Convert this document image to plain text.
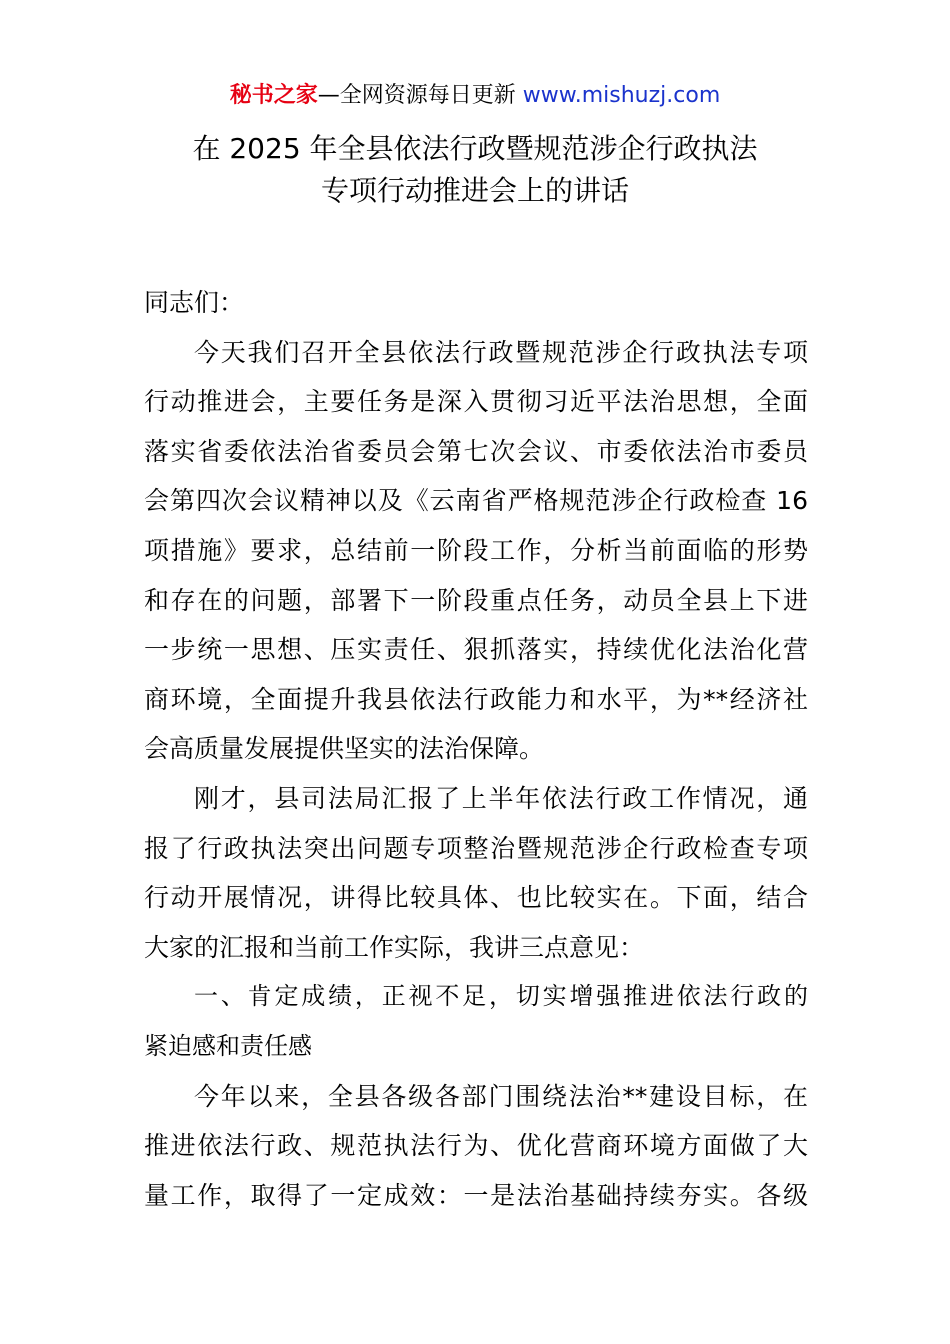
秘书之家—全网资源每日更新 www.mishuzj.com
在 2025 年全县依法行政暨规范涉企行政执法
专项行动推进会上的讲话
同志们：
今天我们召开全县依法行政暨规范涉企行政执法专项
行动推进会，主要任务是深入贯彻习近平法治思想，全面
落实省委依法治省委员会第七次会议、市委依法治市委员
会第四次会议精神以及《云南省严格规范涉企行政检查 16
项措施》要求，总结前一阶段工作，分析当前面临的形势
和存在的问题，部署下一阶段重点任务，动员全县上下进
一步统一思想、压实责任、狠抓落实，持续优化法治化营
商环境，全面提升我县依法行政能力和水平，为**经济社
会高质量发展提供坚实的法治保障。
刚才，县司法局汇报了上半年依法行政工作情况，通
报了行政执法突出问题专项整治暨规范涉企行政检查专项
行动开展情况，讲得比较具体、也比较实在。下面，结合
大家的汇报和当前工作实际，我讲三点意见：
一、肯定成绩，正视不足，切实增强推进依法行政的
紧迫感和责任感
今年以来，全县各级各部门围绕法治**建设目标，在
推进依法行政、规范执法行为、优化营商环境方面做了大
量工作，取得了一定成效：一是法治基础持续夯实。各级
